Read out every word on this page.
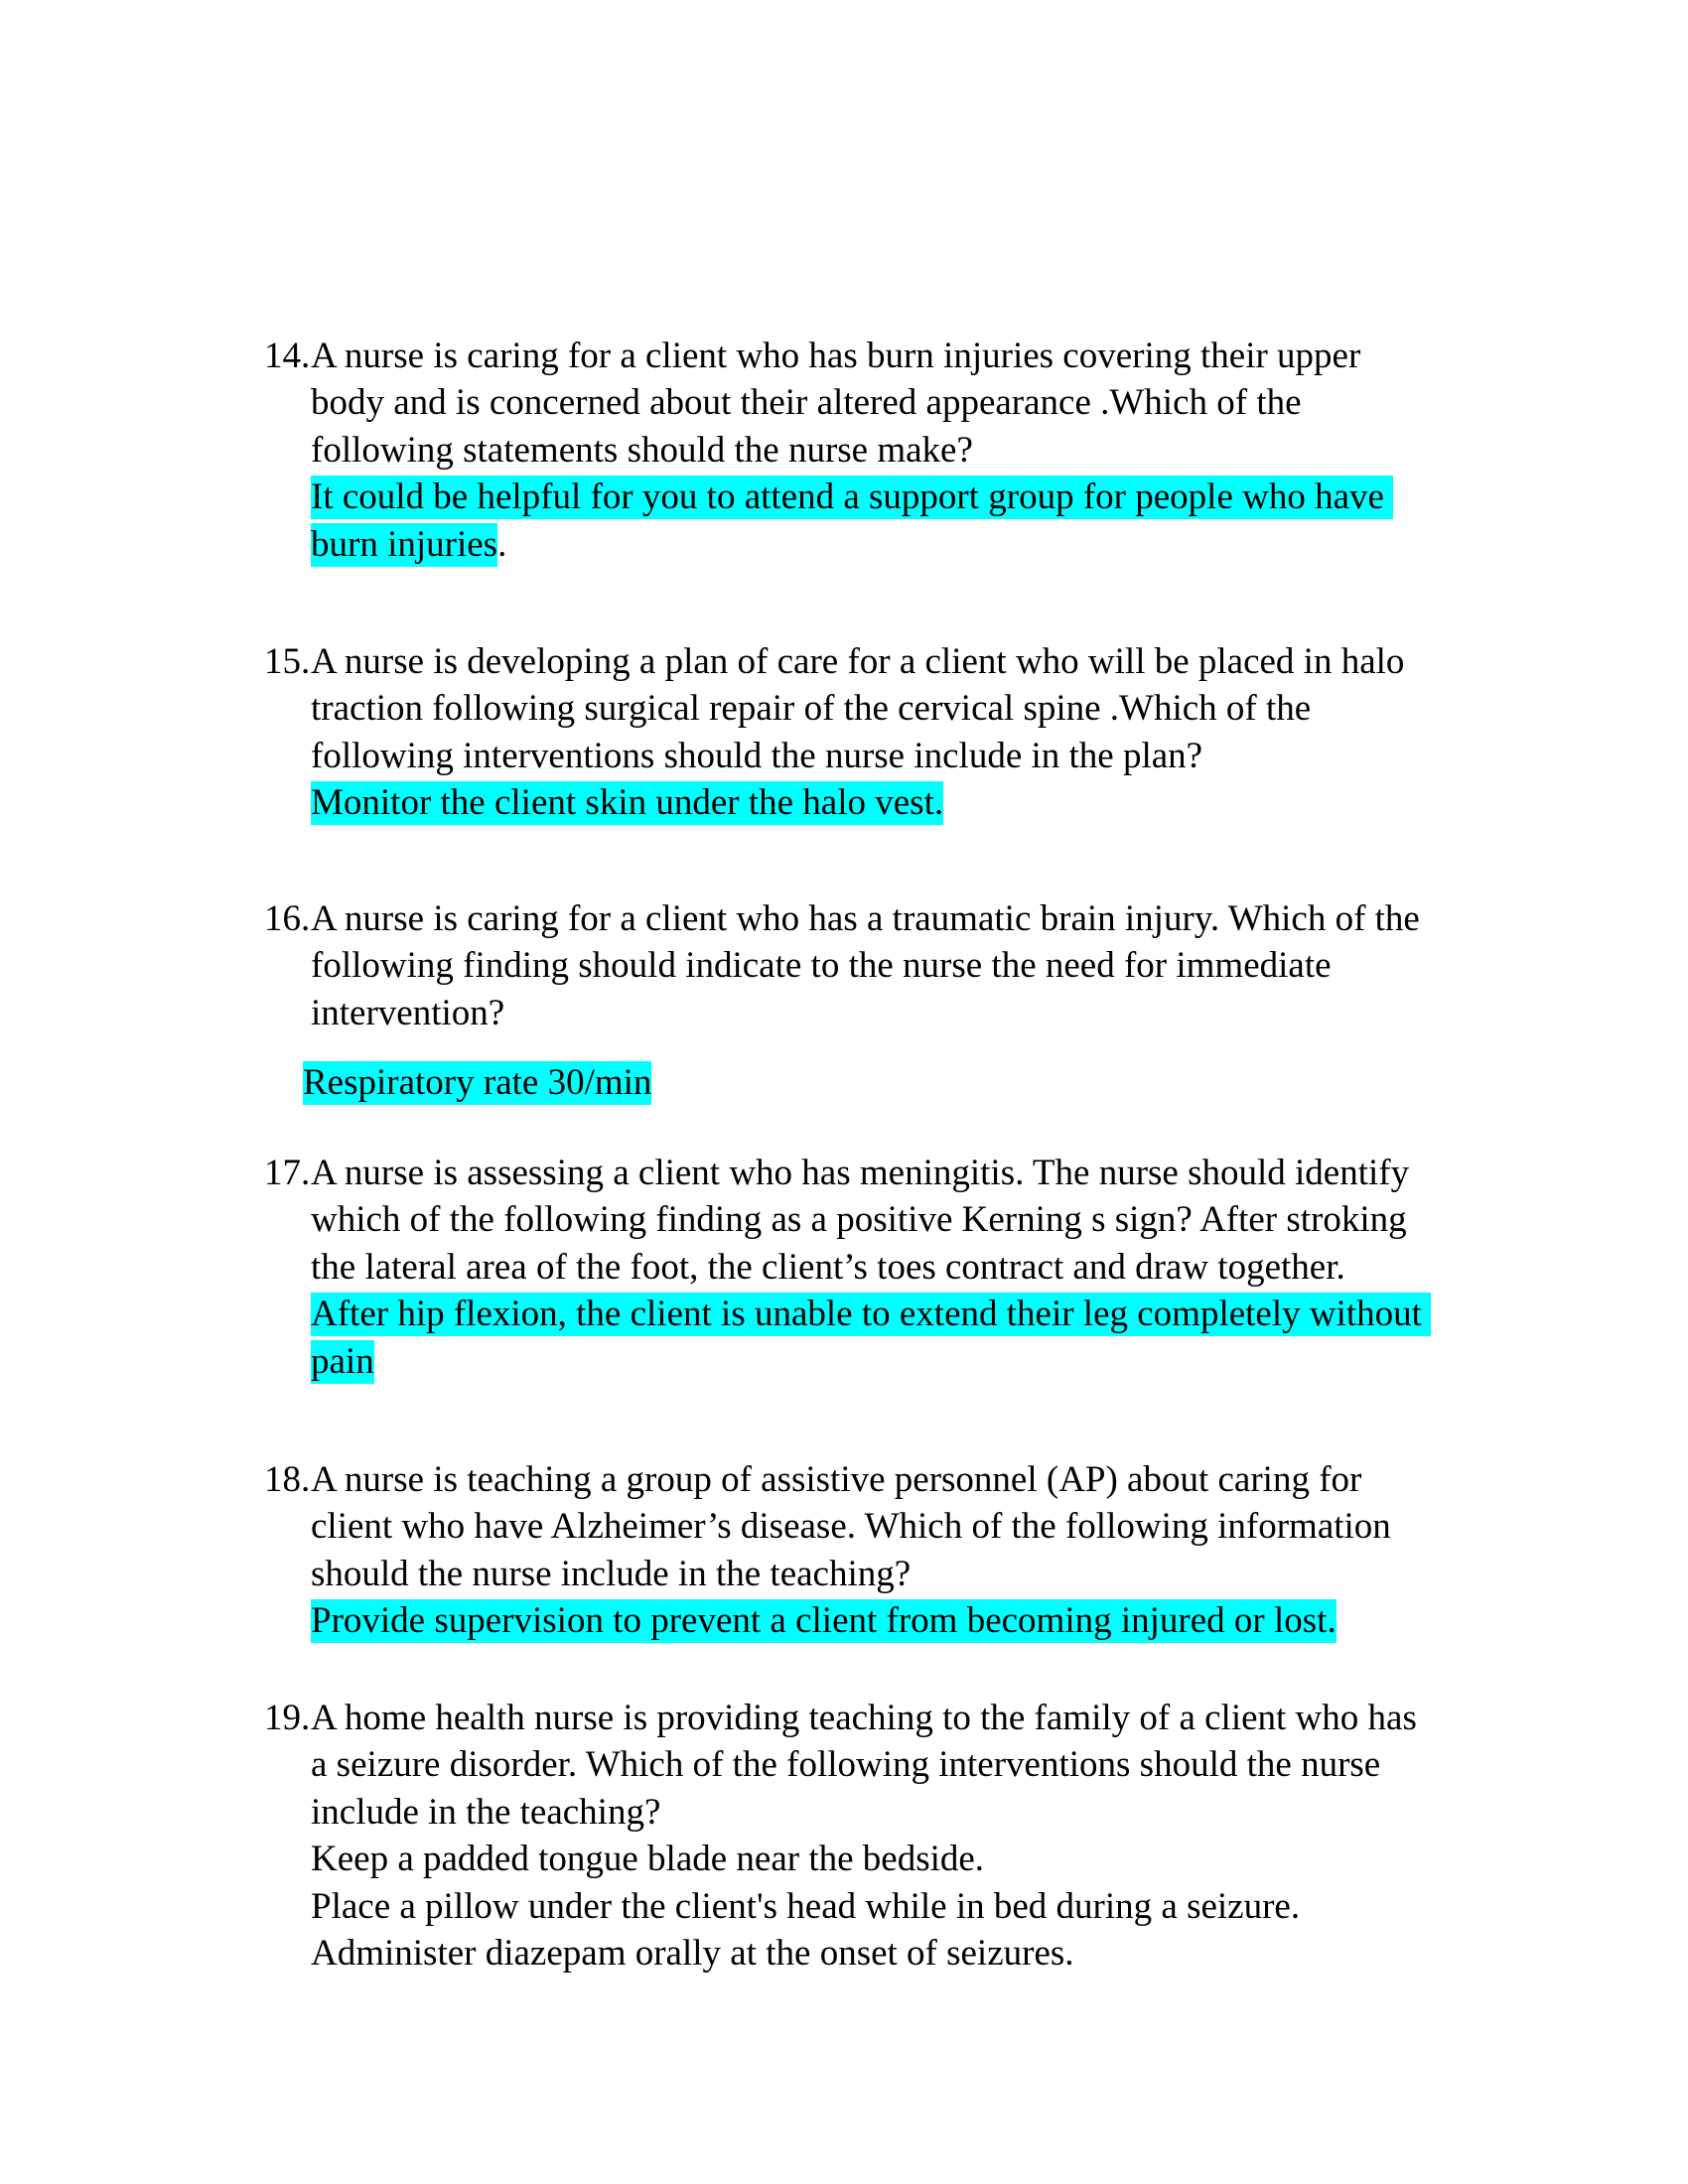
14. A nurse is caring for a client who has burn injuries covering their upper
body and is concerned about their altered appearance .Which of the
following statements should the nurse make?
It could be helpful for you to attend a support group for people who have
burn injuries.
15. A nurse is developing a plan of care for a client who will be placed in halo
traction following surgical repair of the cervical spine .Which of the
following interventions should the nurse include in the plan?
Monitor the client skin under the halo vest.
16. A nurse is caring for a client who has a traumatic brain injury. Which of the
following finding should indicate to the nurse the need for immediate
intervention?
Respiratory rate 30/min
17. A nurse is assessing a client who has meningitis. The nurse should identify
which of the following finding as a positive Kerning s sign? After stroking
the lateral area of the foot, the client’s toes contract and draw together.
After hip flexion, the client is unable to extend their leg completely without
pain
18. A nurse is teaching a group of assistive personnel (AP) about caring for
client who have Alzheimer’s disease. Which of the following information
should the nurse include in the teaching?
Provide supervision to prevent a client from becoming injured or lost.
19. A home health nurse is providing teaching to the family of a client who has
a seizure disorder. Which of the following interventions should the nurse
include in the teaching?
Keep a padded tongue blade near the bedside.
Place a pillow under the client's head while in bed during a seizure.
Administer diazepam orally at the onset of seizures.
